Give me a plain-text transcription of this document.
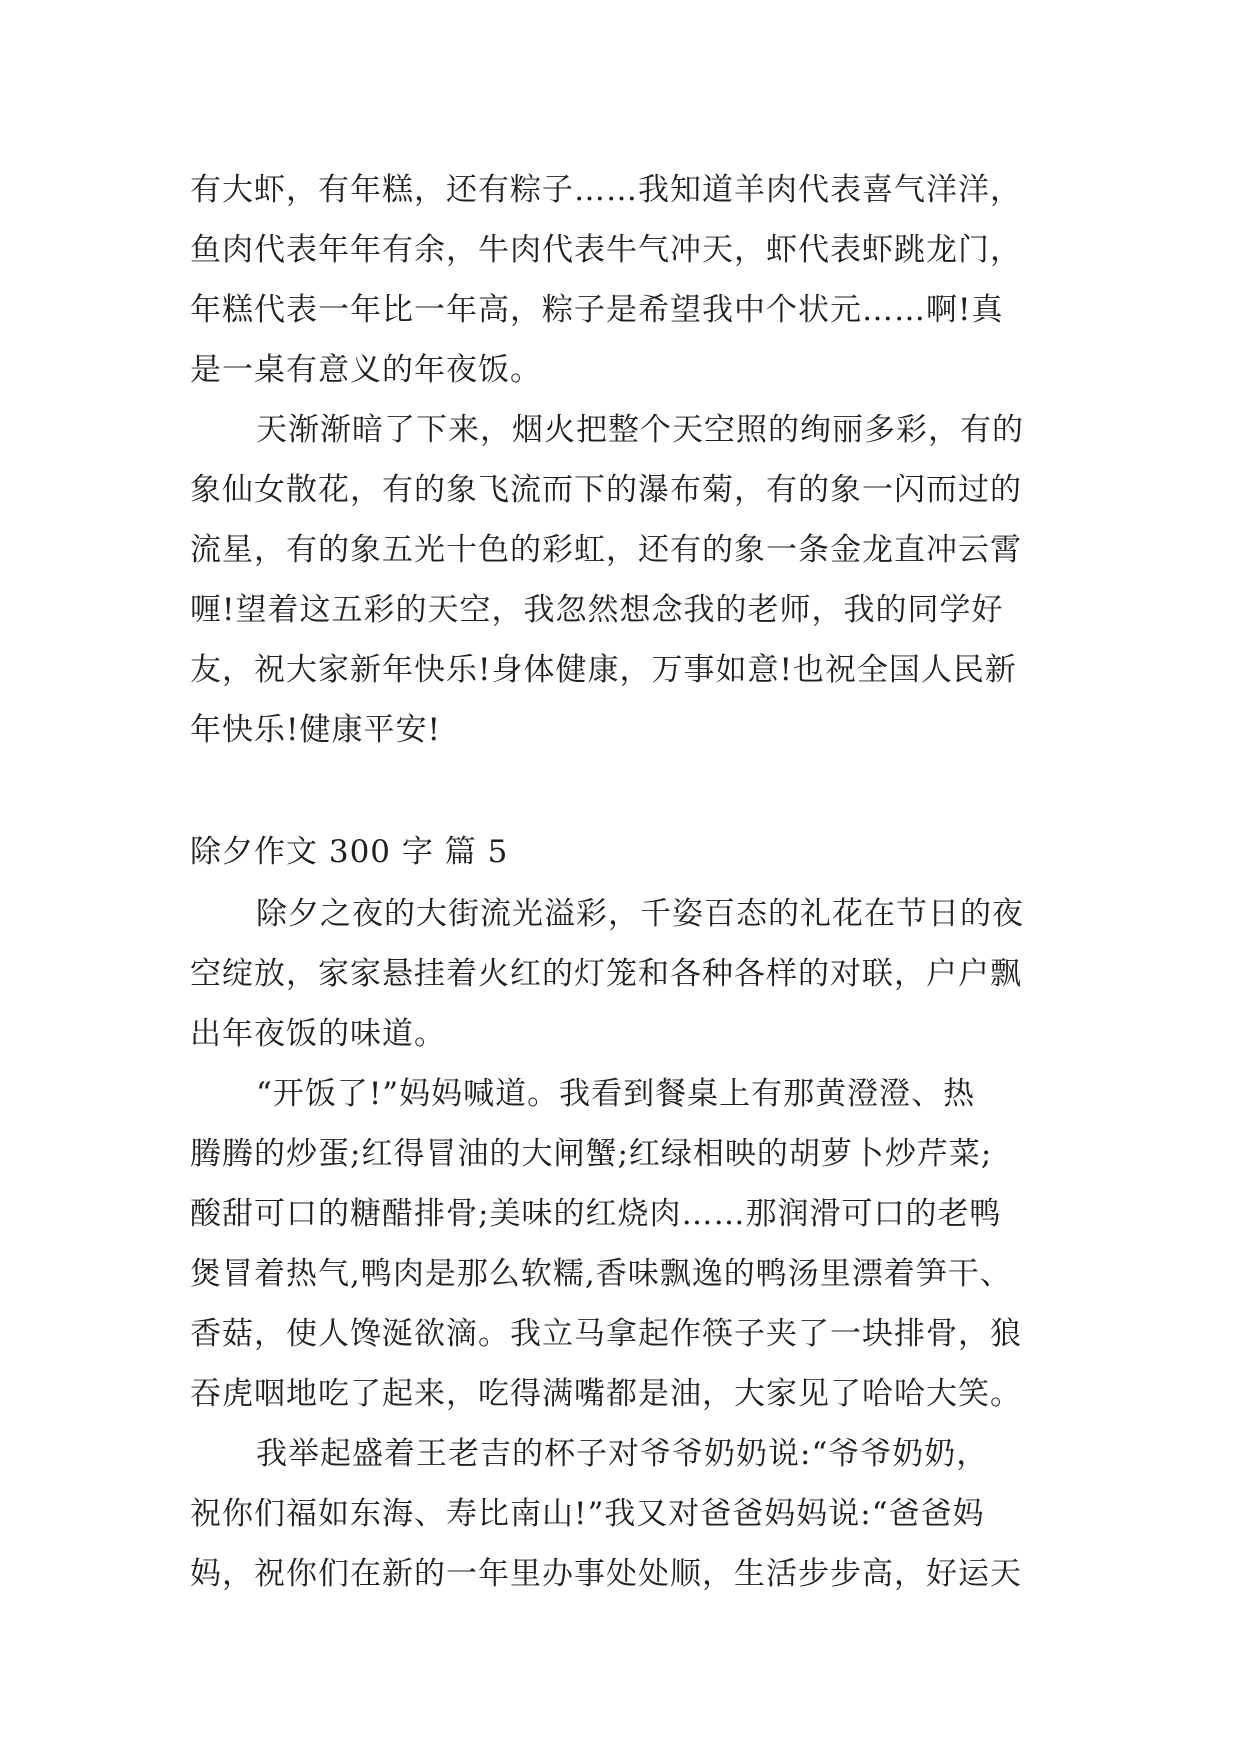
有大虾，有年糕，还有粽子……我知道羊肉代表喜气洋洋，
鱼肉代表年年有余，牛肉代表牛气冲天，虾代表虾跳龙门，
年糕代表一年比一年高，粽子是希望我中个状元……啊!真
是一桌有意义的年夜饭。
天渐渐暗了下来，烟火把整个天空照的绚丽多彩，有的
象仙女散花，有的象飞流而下的瀑布菊，有的象一闪而过的
流星，有的象五光十色的彩虹，还有的象一条金龙直冲云霄
喱!望着这五彩的天空，我忽然想念我的老师，我的同学好
友，祝大家新年快乐!身体健康，万事如意!也祝全国人民新
年快乐!健康平安!
除夕作文 300 字 篇 5
除夕之夜的大街流光溢彩，千姿百态的礼花在节日的夜
空绽放，家家悬挂着火红的灯笼和各种各样的对联，户户飘
出年夜饭的味道。
“开饭了!”妈妈喊道。我看到餐桌上有那黄澄澄、热
腾腾的炒蛋;红得冒油的大闸蟹;红绿相映的胡萝卜炒芹菜;
酸甜可口的糖醋排骨;美味的红烧肉……那润滑可口的老鸭
煲冒着热气,鸭肉是那么软糯,香味飘逸的鸭汤里漂着笋干、
香菇，使人馋涎欲滴。我立马拿起作筷子夹了一块排骨，狼
吞虎咽地吃了起来，吃得满嘴都是油，大家见了哈哈大笑。
我举起盛着王老吉的杯子对爷爷奶奶说:“爷爷奶奶，
祝你们福如东海、寿比南山!”我又对爸爸妈妈说:“爸爸妈
妈，祝你们在新的一年里办事处处顺，生活步步高，好运天
